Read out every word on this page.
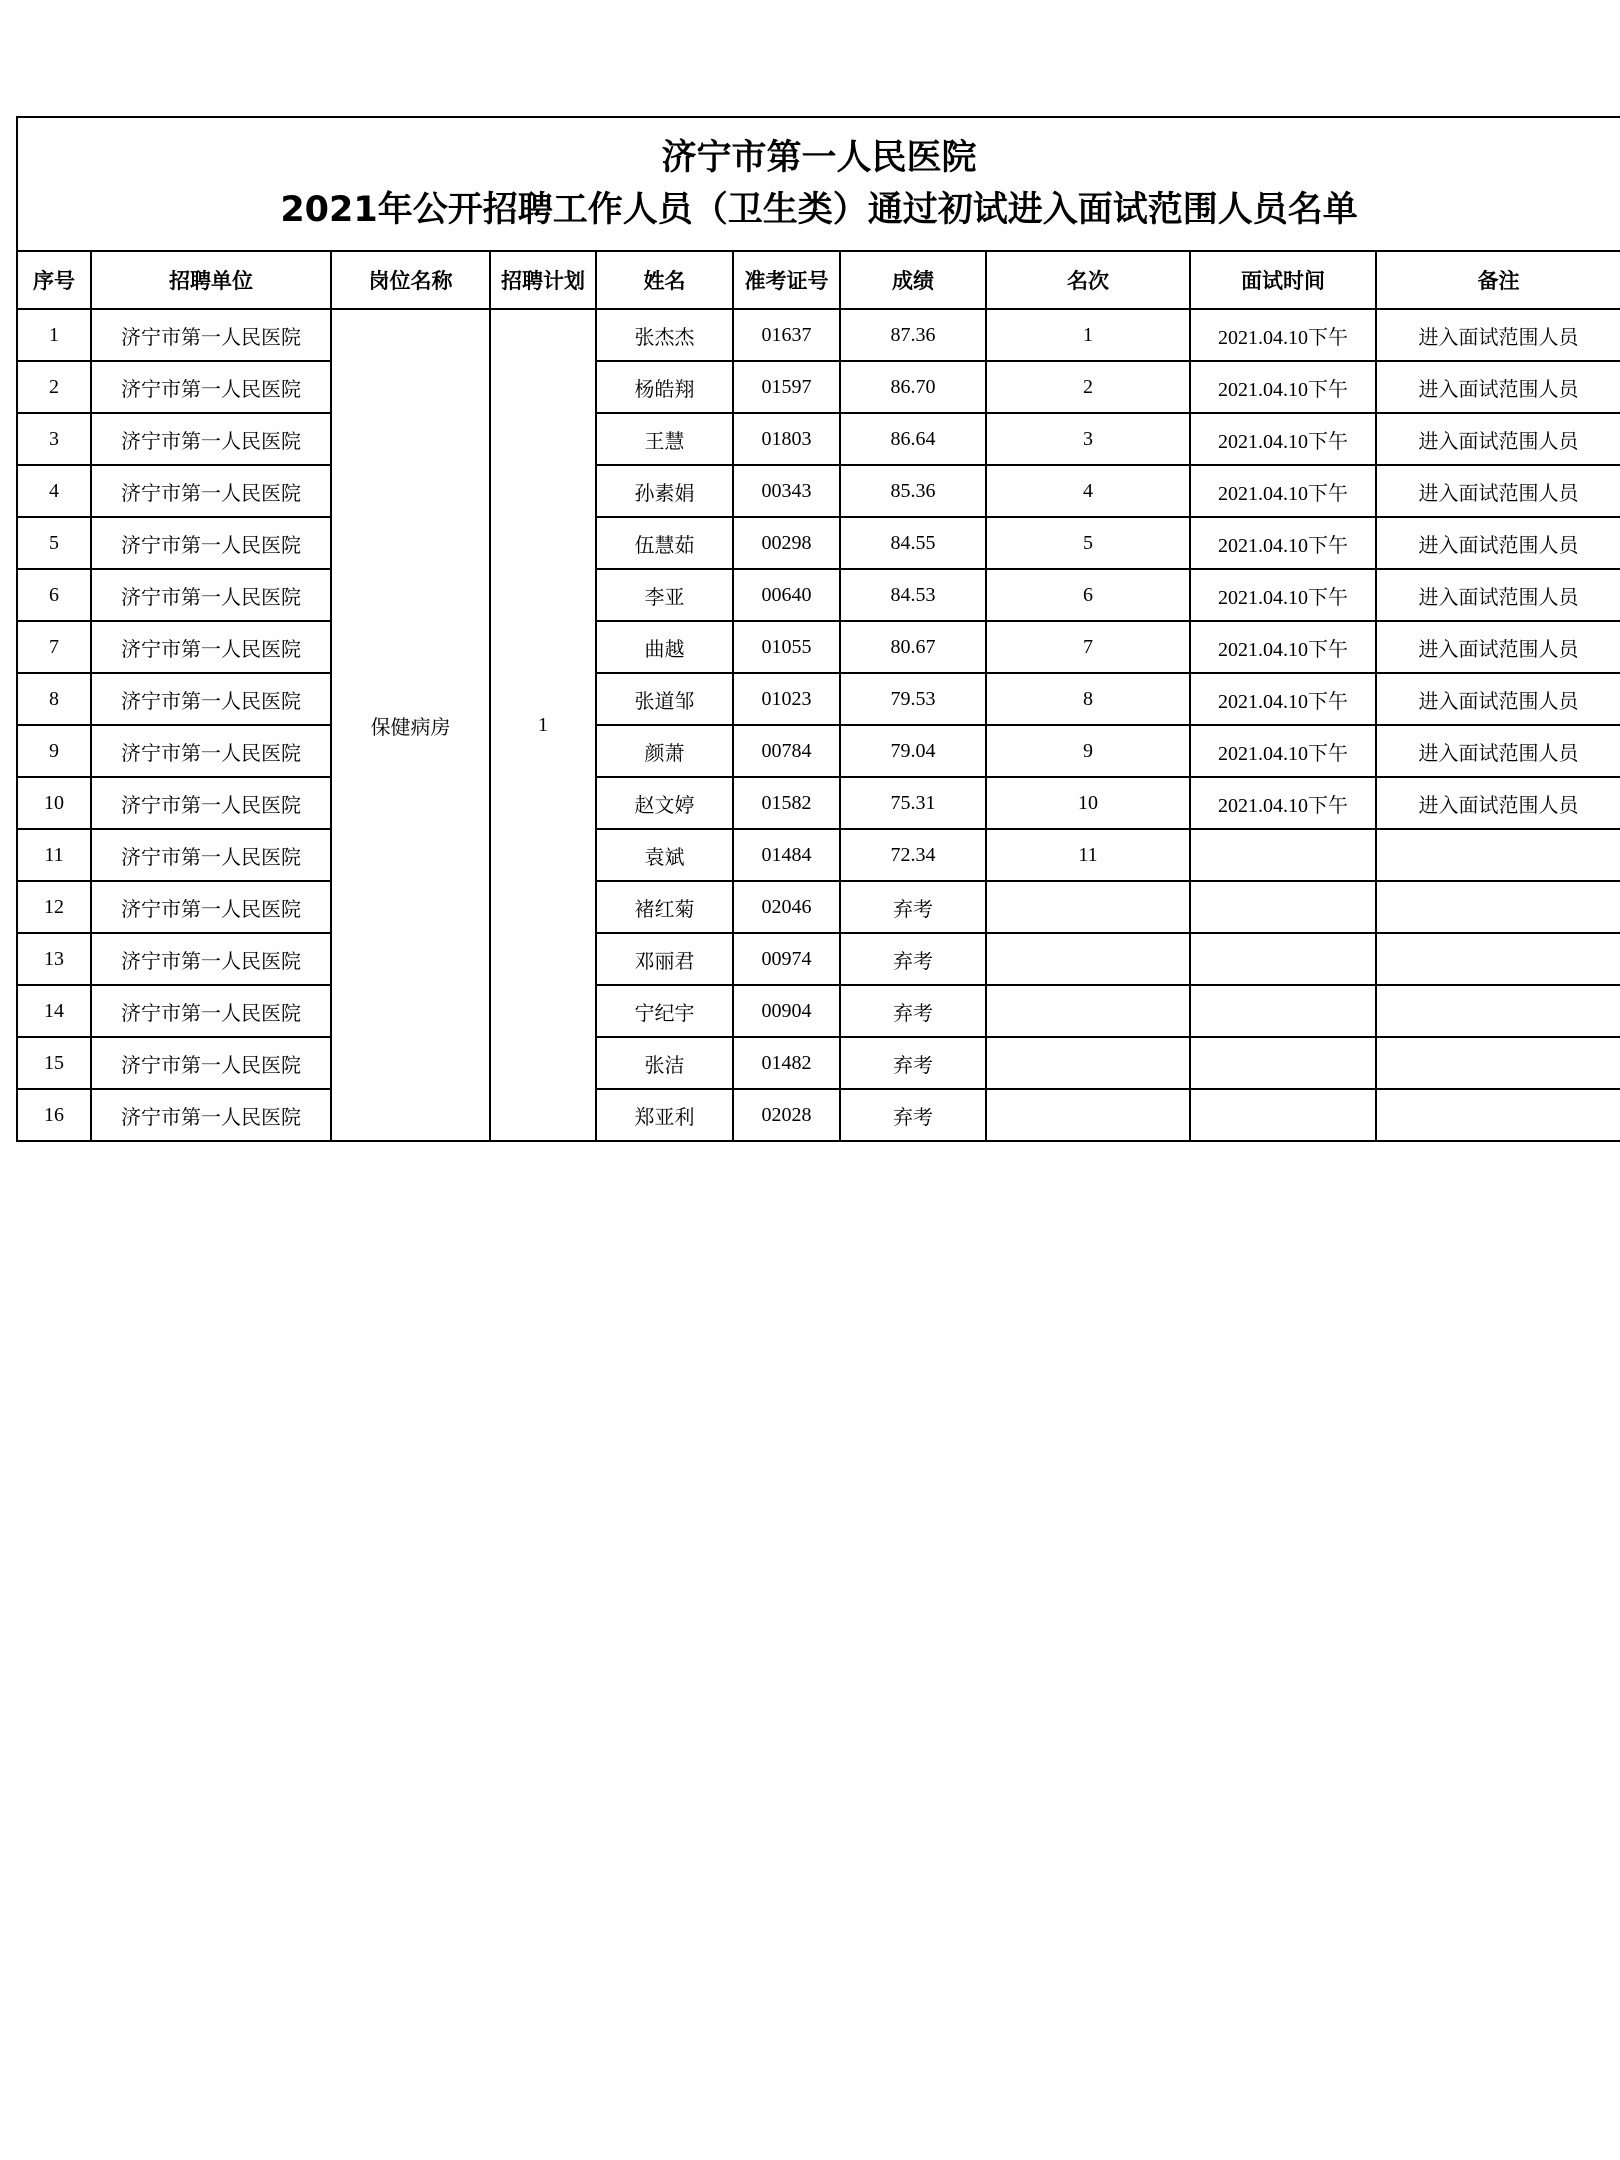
济宁市第一人民医院
2021年公开招聘工作人员（卫生类）通过初试进入面试范围人员名单									

序号	招聘单位	岗位名称	招聘计划	姓名	准考证号	成绩	名次	面试时间	备注
1	济宁市第一人民医院	保健病房	1	张杰杰	01637	87.36	1	2021.04.10下午	进入面试范围人员
2	济宁市第一人民医院			杨皓翔	01597	86.70	2	2021.04.10下午	进入面试范围人员
3	济宁市第一人民医院			王慧	01803	86.64	3	2021.04.10下午	进入面试范围人员
4	济宁市第一人民医院			孙素娟	00343	85.36	4	2021.04.10下午	进入面试范围人员
5	济宁市第一人民医院			伍慧茹	00298	84.55	5	2021.04.10下午	进入面试范围人员
6	济宁市第一人民医院			李亚	00640	84.53	6	2021.04.10下午	进入面试范围人员
7	济宁市第一人民医院			曲越	01055	80.67	7	2021.04.10下午	进入面试范围人员
8	济宁市第一人民医院			张道邹	01023	79.53	8	2021.04.10下午	进入面试范围人员
9	济宁市第一人民医院			颜萧	00784	79.04	9	2021.04.10下午	进入面试范围人员
10	济宁市第一人民医院			赵文婷	01582	75.31	10	2021.04.10下午	进入面试范围人员
11	济宁市第一人民医院			袁斌	01484	72.34	11		
12	济宁市第一人民医院			褚红菊	02046	弃考			
13	济宁市第一人民医院			邓丽君	00974	弃考			
14	济宁市第一人民医院			宁纪宇	00904	弃考			
15	济宁市第一人民医院			张洁	01482	弃考			
16	济宁市第一人民医院			郑亚利	02028	弃考			
